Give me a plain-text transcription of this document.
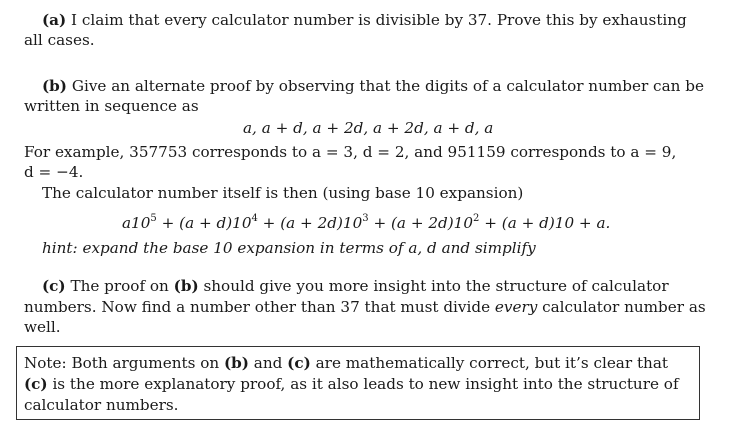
(a) I claim that every calculator number is divisible by 37. Prove this by exhausting
all cases.
(b) Give an alternate proof by observing that the digits of a calculator number can be
written in sequence as
a, a + d, a + 2d, a + 2d, a + d, a
For example, 357753 corresponds to a = 3, d = 2, and 951159 corresponds to a = 9,
d = −4.
The calculator number itself is then (using base 10 expansion)
$a10^5 + (a + d)10^4 + (a + 2d)10^3 + (a + 2d)10^2 + (a + d)10 + a$.
hint: expand the base 10 expansion in terms of a, d and simplify
(c) The proof on (b) should give you more insight into the structure of calculator
numbers. Now find a number other than 37 that must divide every calculator number as
well.
Note: Both arguments on (b) and (c) are mathematically correct, but it’s clear that
(c) is the more explanatory proof, as it also leads to new insight into the structure of
calculator numbers.
